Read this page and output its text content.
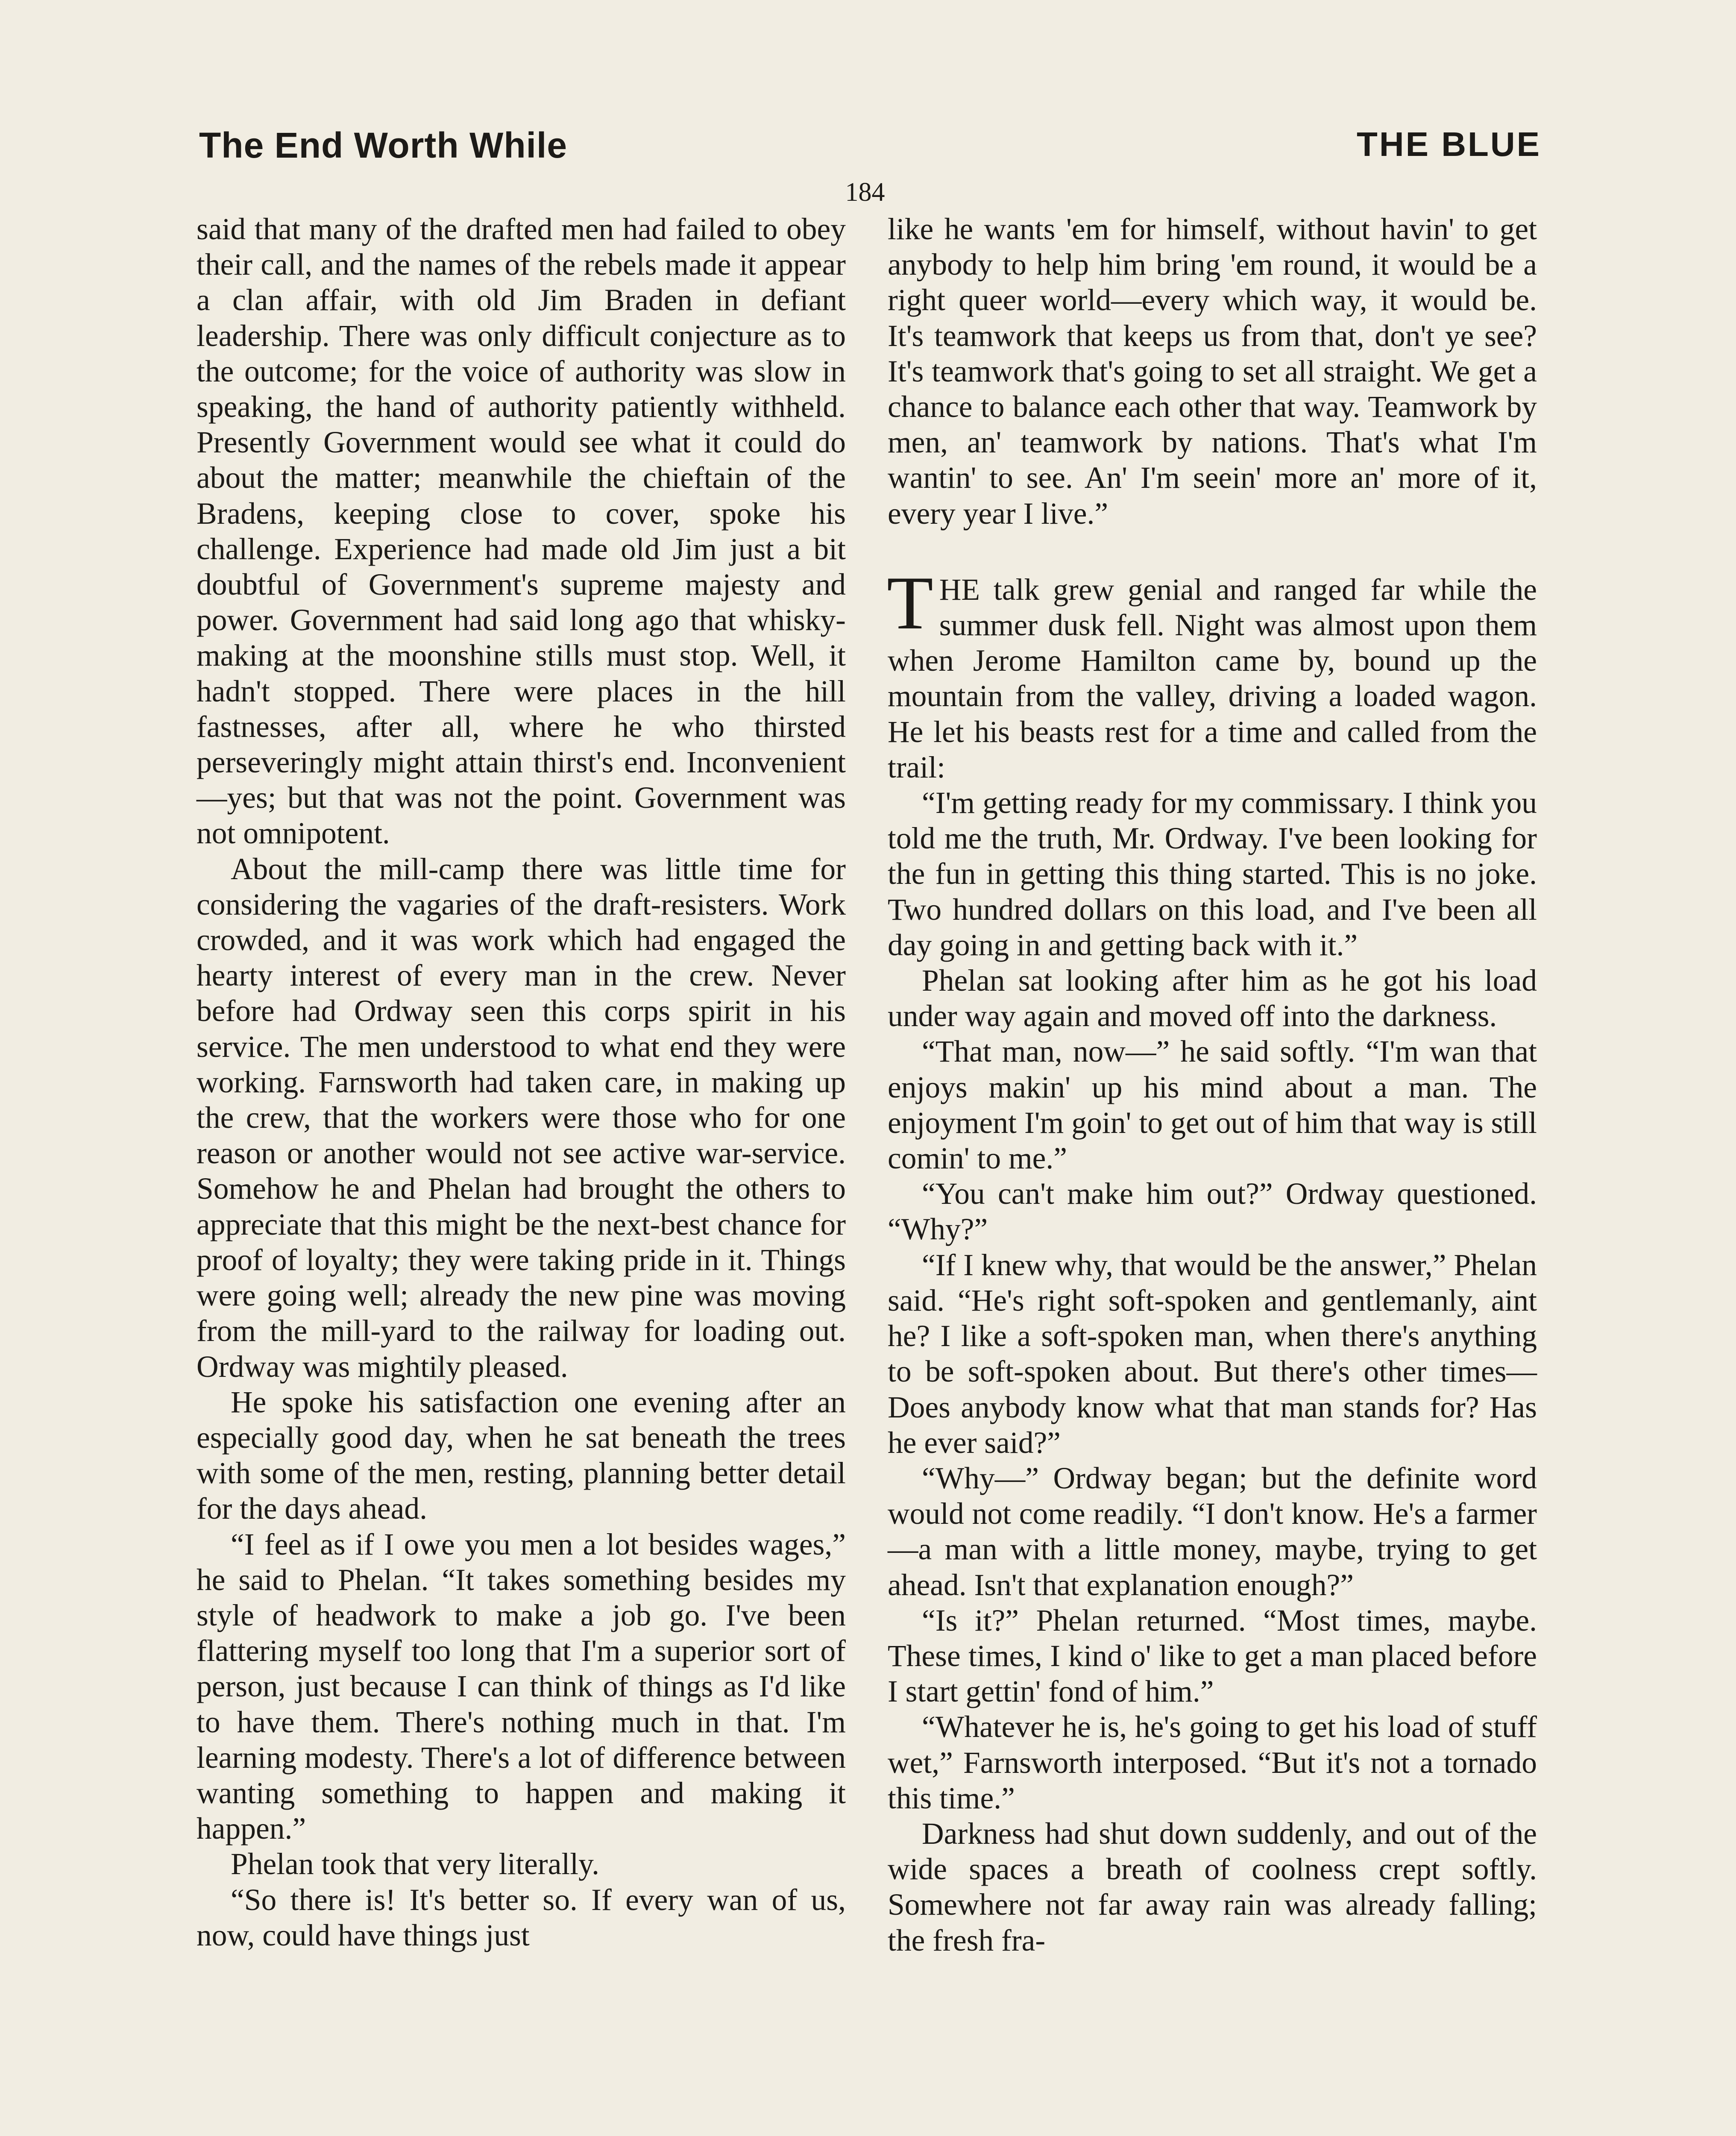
The End Worth While	THE BLUE
184

said that many of the drafted men had failed to obey their call, and the names of the rebels made it appear a clan affair, with old Jim Braden in defiant leadership. There was only difficult conjecture as to the outcome; for the voice of authority was slow in speaking, the hand of authority patiently withheld. Presently Government would see what it could do about the matter; meanwhile the chieftain of the Bradens, keeping close to cover, spoke his challenge. Experience had made old Jim just a bit doubtful of Government's supreme majesty and power. Government had said long ago that whisky-making at the moonshine stills must stop. Well, it hadn't stopped. There were places in the hill fastnesses, after all, where he who thirsted perseveringly might attain thirst's end. Inconvenient—yes; but that was not the point. Government was not omnipotent.

About the mill-camp there was little time for considering the vagaries of the draft-resisters. Work crowded, and it was work which had engaged the hearty interest of every man in the crew. Never before had Ordway seen this corps spirit in his service. The men understood to what end they were working. Farnsworth had taken care, in making up the crew, that the workers were those who for one reason or another would not see active war-service. Somehow he and Phelan had brought the others to appreciate that this might be the next-best chance for proof of loyalty; they were taking pride in it. Things were going well; already the new pine was moving from the mill-yard to the railway for loading out. Ordway was mightily pleased.

He spoke his satisfaction one evening after an especially good day, when he sat beneath the trees with some of the men, resting, planning better detail for the days ahead.

“I feel as if I owe you men a lot besides wages,” he said to Phelan. “It takes something besides my style of headwork to make a job go. I've been flattering myself too long that I'm a superior sort of person, just because I can think of things as I'd like to have them. There's nothing much in that. I'm learning modesty. There's a lot of difference between wanting something to happen and making it happen.”

Phelan took that very literally.

“So there is! It's better so. If every wan of us, now, could have things just

like he wants 'em for himself, without havin' to get anybody to help him bring 'em round, it would be a right queer world—every which way, it would be. It's teamwork that keeps us from that, don't ye see? It's teamwork that's going to set all straight. We get a chance to balance each other that way. Teamwork by men, an' teamwork by nations. That's what I'm wantin' to see. An' I'm seein' more an' more of it, every year I live.”

THE talk grew genial and ranged far while the summer dusk fell. Night was almost upon them when Jerome Hamilton came by, bound up the mountain from the valley, driving a loaded wagon. He let his beasts rest for a time and called from the trail:

“I'm getting ready for my commissary. I think you told me the truth, Mr. Ordway. I've been looking for the fun in getting this thing started. This is no joke. Two hundred dollars on this load, and I've been all day going in and getting back with it.”

Phelan sat looking after him as he got his load under way again and moved off into the darkness.

“That man, now—” he said softly. “I'm wan that enjoys makin' up his mind about a man. The enjoyment I'm goin' to get out of him that way is still comin' to me.”

“You can't make him out?” Ordway questioned. “Why?”

“If I knew why, that would be the answer,” Phelan said. “He's right soft-spoken and gentlemanly, aint he? I like a soft-spoken man, when there's anything to be soft-spoken about. But there's other times—Does anybody know what that man stands for? Has he ever said?”

“Why—” Ordway began; but the definite word would not come readily. “I don't know. He's a farmer—a man with a little money, maybe, trying to get ahead. Isn't that explanation enough?”

“Is it?” Phelan returned. “Most times, maybe. These times, I kind o' like to get a man placed before I start gettin' fond of him.”

“Whatever he is, he's going to get his load of stuff wet,” Farnsworth interposed. “But it's not a tornado this time.”

Darkness had shut down suddenly, and out of the wide spaces a breath of coolness crept softly. Somewhere not far away rain was already falling; the fresh fra-
